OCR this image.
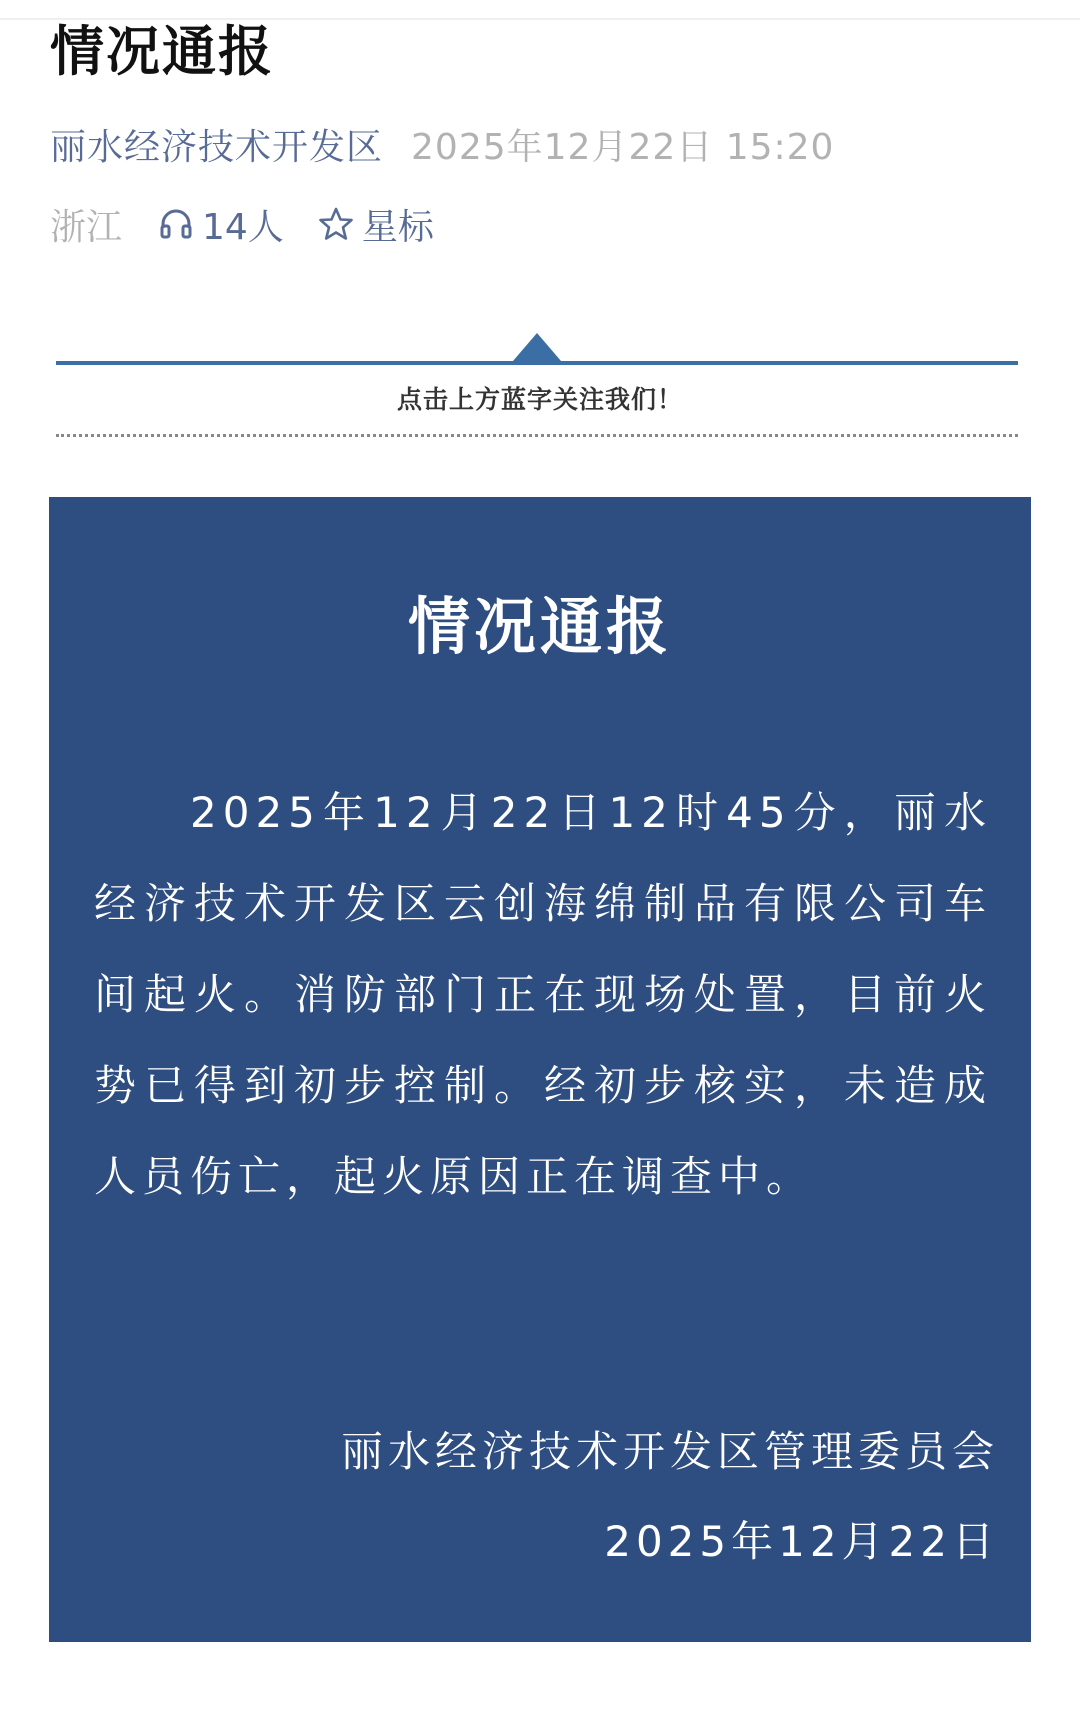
情况通报
丽水经济技术开发区 2025年12月22日 15:20
浙江 14人 星标
点击上方蓝字关注我们！
情况通报
2025年12月22日12时45分，丽水经济技术开发区云创海绵制品有限公司车间起火。消防部门正在现场处置，目前火势已得到初步控制。经初步核实，未造成人员伤亡，起火原因正在调查中。
丽水经济技术开发区管理委员会
2025年12月22日
